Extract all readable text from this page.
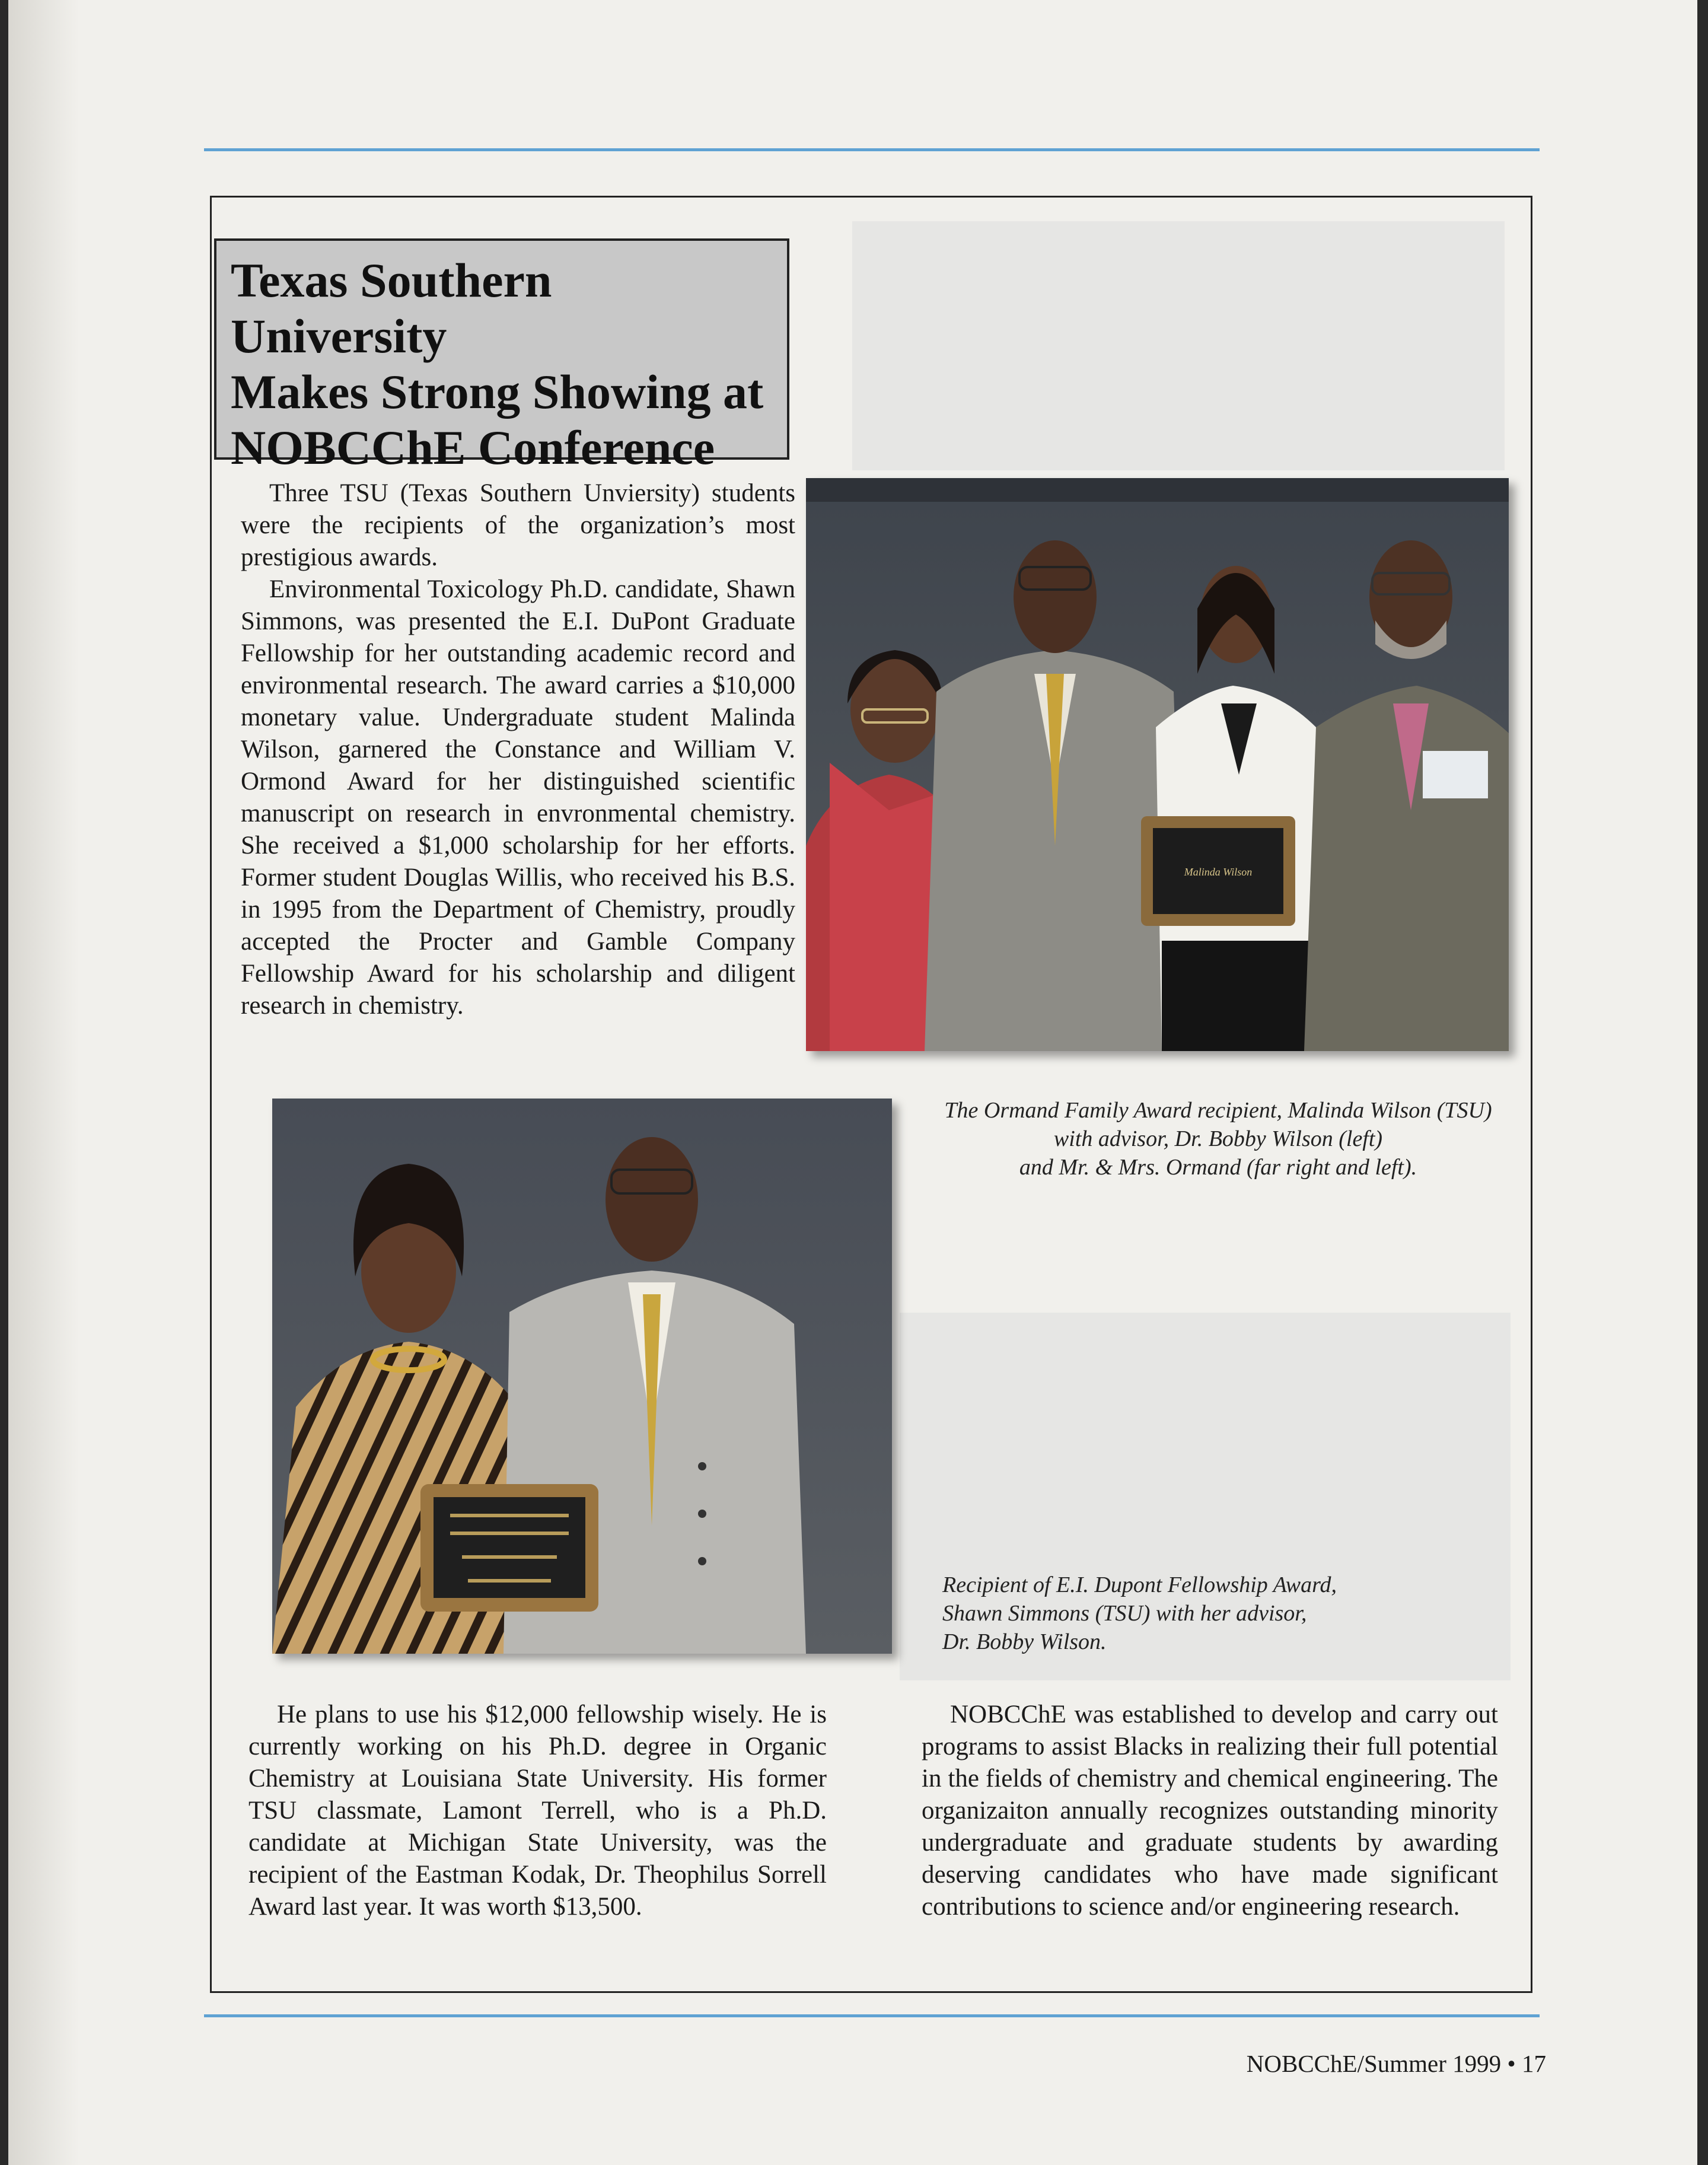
Texas Southern University
Makes Strong Showing at
NOBCChE Conference

Three TSU (Texas Southern Unviersity) students were the recipients of the organization’s most prestigious awards.

Environmental Toxicology Ph.D. candidate, Shawn Simmons, was presented the E.I. DuPont Graduate Fellowship for her outstanding academic record and environmental research. The award carries a $10,000 monetary value. Undergraduate student Malinda Wilson, garnered the Constance and William V. Ormond Award for her distinguished scientific manuscript on research in envronmental chemistry. She received a $1,000 scholarship for her efforts. Former student Douglas Willis, who received his B.S. in 1995 from the Department of Chemistry, proudly accepted the Procter and Gamble Company Fellowship Award for his scholarship and diligent research in chemistry.

Malinda Wilson
The Ormand Family Award recipient, Malinda Wilson (TSU)
with advisor, Dr. Bobby Wilson (left)
and Mr. & Mrs. Ormand (far right and left).
Recipient of E.I. Dupont Fellowship Award,
Shawn Simmons (TSU) with her advisor,
Dr. Bobby Wilson.

He plans to use his $12,000 fellowship wisely. He is currently working on his Ph.D. degree in Organic Chemistry at Louisiana State University. His former TSU classmate, Lamont Terrell, who is a Ph.D. candidate at Michigan State University, was the recipient of the Eastman Kodak, Dr. Theophilus Sorrell Award last year. It was worth $13,500.

NOBCChE was established to develop and carry out programs to assist Blacks in realizing their full potential in the fields of chemistry and chemical engineering. The organizaiton annually recognizes outstanding minority undergraduate and graduate students by awarding deserving candidates who have made significant contributions to science and/or engineering research.

NOBCChE/Summer 1999 • 17
